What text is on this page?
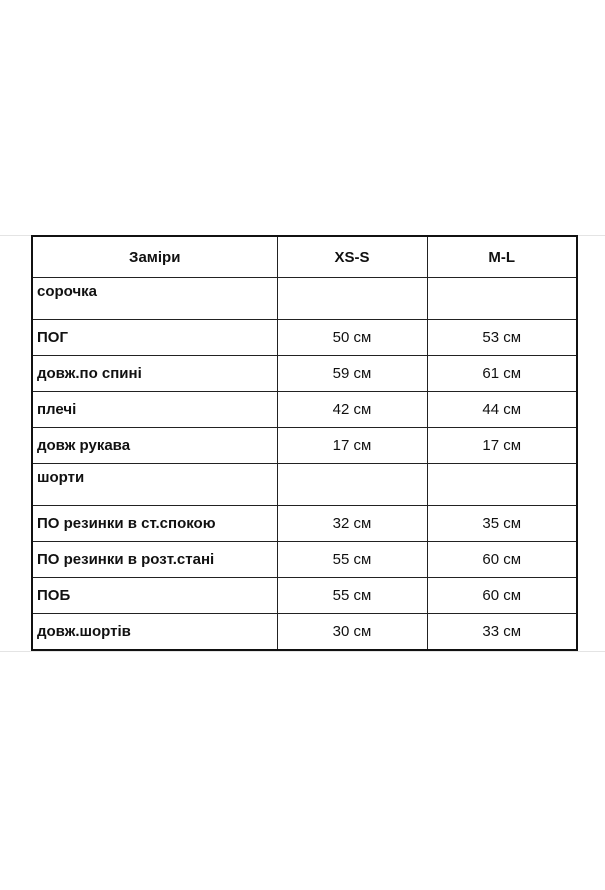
Заміри	XS-S	M-L
сорочка		
ПОГ	50 см	53 см
довж.по спині	59 см	61 см
плечі	42 см	44 см
довж рукава	17 см	17 см
шорти		
ПО резинки в ст.спокою	32 см	35 см
ПО резинки в розт.стані	55 см	60 см
ПОБ	55 см	60 см
довж.шортів	30 см	33 см
